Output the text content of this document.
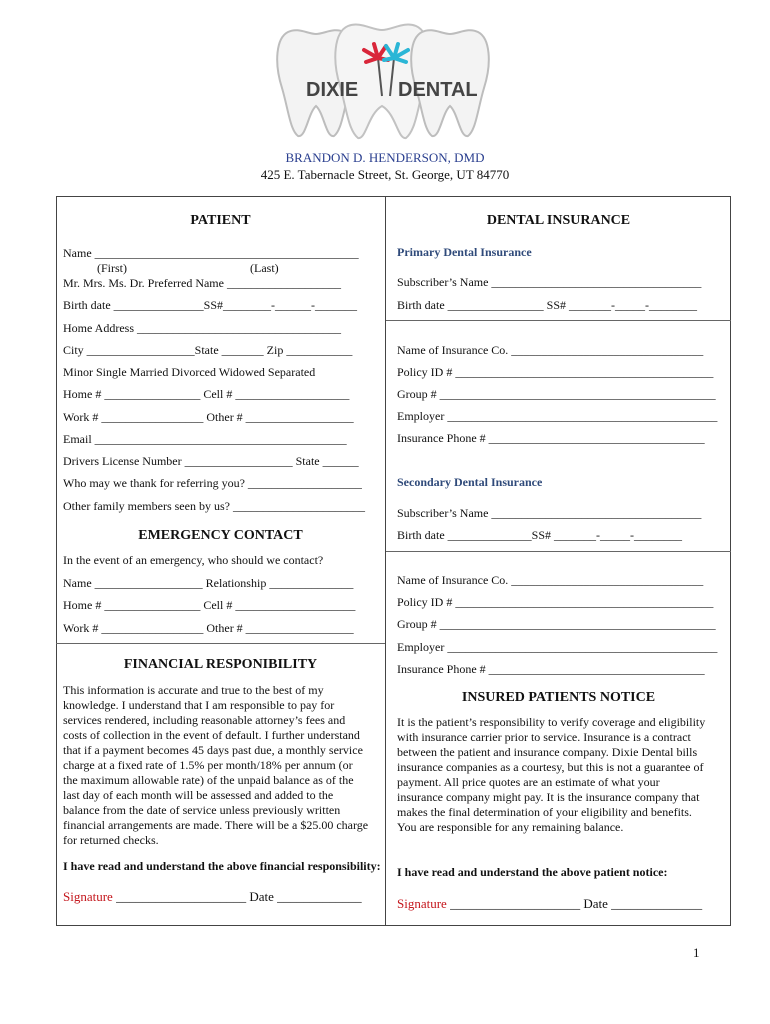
DIXIE DENTAL
BRANDON D. HENDERSON, DMD
425 E. Tabernacle Street, St. George, UT 84770
PATIENT
Name ____________________________________________
(First)	(Last)
Mr. Mrs. Ms. Dr. Preferred Name ___________________
Birth date _______________SS#________-______-_______
Home Address __________________________________
City __________________State _______ Zip ___________
Minor Single Married Divorced Widowed Separated
Home # ________________ Cell # ___________________
Work # _________________ Other # __________________
Email __________________________________________
Drivers License Number __________________ State ______
Who may we thank for referring you? ___________________
Other family members seen by us? ______________________
EMERGENCY CONTACT
In the event of an emergency, who should we contact?
Name __________________ Relationship ______________
Home # ________________ Cell # ____________________
Work # _________________ Other # __________________
FINANCIAL RESPONIBILITY
This information is accurate and true to the best of my
knowledge. I understand that I am responsible to pay for
services rendered, including reasonable attorney’s fees and
costs of collection in the event of default. I further understand
that if a payment becomes 45 days past due, a monthly service
charge at a fixed rate of 1.5% per month/18% per annum (or
the maximum allowable rate) of the unpaid balance as of the
last day of each month will be assessed and added to the
balance from the date of service unless previously written
financial arrangements are made. There will be a $25.00 charge
for returned checks.
I have read and understand the above financial responsibility:
Signature ____________________ Date _____________
DENTAL INSURANCE
Primary Dental Insurance
Subscriber’s Name ___________________________________
Birth date ________________ SS# _______-_____-________
Name of Insurance Co. ________________________________
Policy ID # ___________________________________________
Group # ______________________________________________
Employer _____________________________________________
Insurance Phone # ____________________________________
Secondary Dental Insurance
Subscriber’s Name ___________________________________
Birth date ______________SS# _______-_____-________
Name of Insurance Co. ________________________________
Policy ID # ___________________________________________
Group # ______________________________________________
Employer _____________________________________________
Insurance Phone # ____________________________________
INSURED PATIENTS NOTICE
It is the patient’s responsibility to verify coverage and eligibility
with insurance carrier prior to service. Insurance is a contract
between the patient and insurance company. Dixie Dental bills
insurance companies as a courtesy, but this is not a guarantee of
payment. All price quotes are an estimate of what your
insurance company might pay. It is the insurance company that
makes the final determination of your eligibility and benefits.
You are responsible for any remaining balance.
I have read and understand the above patient notice:
Signature ____________________ Date ______________
1
